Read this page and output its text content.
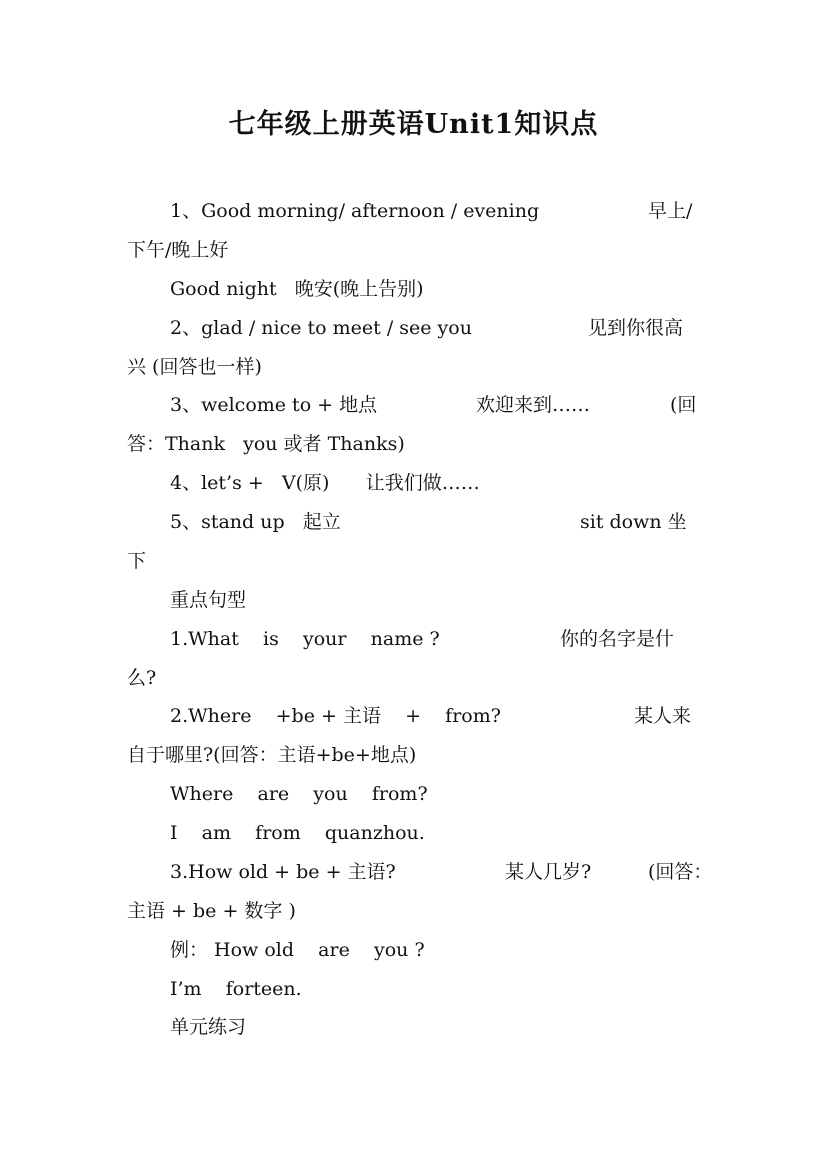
七年级上册英语Unit1知识点
1、Good morning/ afternoon / evening	早上/
下午/晚上好
Good night   晚安(晚上告别)
2、glad / nice to meet / see you	见到你很高
兴 (回答也一样)
3、welcome to + 地点	欢迎来到……	(回
答：Thank   you 或者 Thanks)
4、let’s +   V(原)      让我们做……
5、stand up   起立	sit down 坐
下
重点句型
1.What    is    your    name ?	你的名字是什
么?
2.Where    +be + 主语    +    from?	某人来
自于哪里?(回答：主语+be+地点)
Where    are    you    from?
I    am    from    quanzhou.
3.How old + be + 主语?	某人几岁?	(回答：
主语 + be + 数字 )
例： How old    are    you ?
I’m    forteen.
单元练习
